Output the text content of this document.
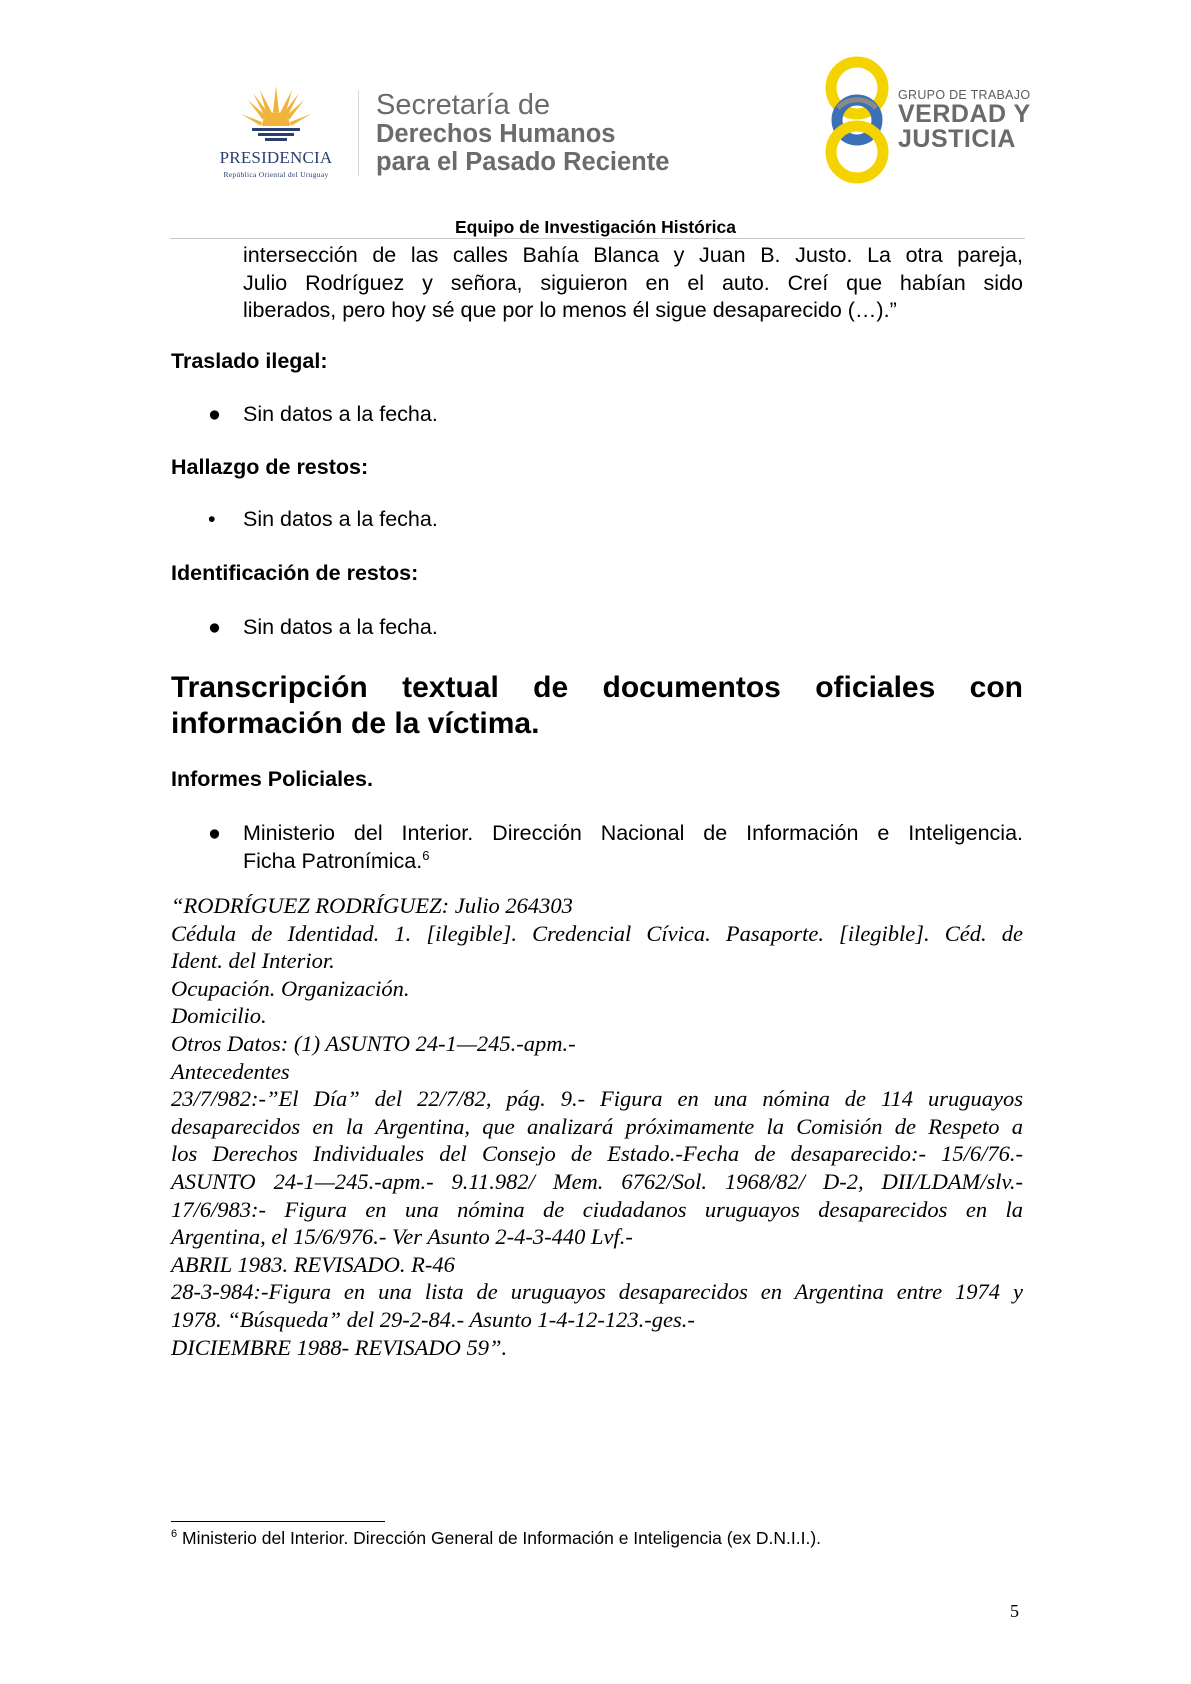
PRESIDENCIA
República Oriental del Uruguay
Secretaría de
Derechos Humanos
para el Pasado Reciente
GRUPO DE TRABAJO
VERDAD Y
JUSTICIA
Equipo de Investigación Histórica
intersección de las calles Bahía Blanca y Juan B. Justo. La otra pareja,
Julio Rodríguez y señora, siguieron en el auto. Creí que habían sido
liberados, pero hoy sé que por lo menos él sigue desaparecido (…).”
Traslado ilegal:
● Sin datos a la fecha.
Hallazgo de restos:
• Sin datos a la fecha.
Identificación de restos:
● Sin datos a la fecha.
Transcripción textual de documentos oficiales con
información de la víctima.
Informes Policiales.
● Ministerio del Interior. Dirección Nacional de Información e Inteligencia.
Ficha Patronímica.$^6$
“RODRÍGUEZ RODRÍGUEZ: Julio 264303
Cédula de Identidad. 1. [ilegible]. Credencial Cívica. Pasaporte. [ilegible]. Céd. de
Ident. del Interior.
Ocupación. Organización.
Domicilio.
Otros Datos: (1) ASUNTO 24-1—245.-apm.-
Antecedentes
23/7/982:-”El Día” del 22/7/82, pág. 9.- Figura en una nómina de 114 uruguayos
desaparecidos en la Argentina, que analizará próximamente la Comisión de Respeto a
los Derechos Individuales del Consejo de Estado.-Fecha de desaparecido:- 15/6/76.-
ASUNTO 24-1—245.-apm.- 9.11.982/ Mem. 6762/Sol. 1968/82/ D-2, DII/LDAM/slv.-
17/6/983:- Figura en una nómina de ciudadanos uruguayos desaparecidos en la
Argentina, el 15/6/976.- Ver Asunto 2-4-3-440 Lvf.-
ABRIL 1983. REVISADO. R-46
28-3-984:-Figura en una lista de uruguayos desaparecidos en Argentina entre 1974 y
1978. “Búsqueda” del 29-2-84.- Asunto 1-4-12-123.-ges.-
DICIEMBRE 1988- REVISADO 59”.
$^6$ Ministerio del Interior. Dirección General de Información e Inteligencia (ex D.N.I.I.).
5
